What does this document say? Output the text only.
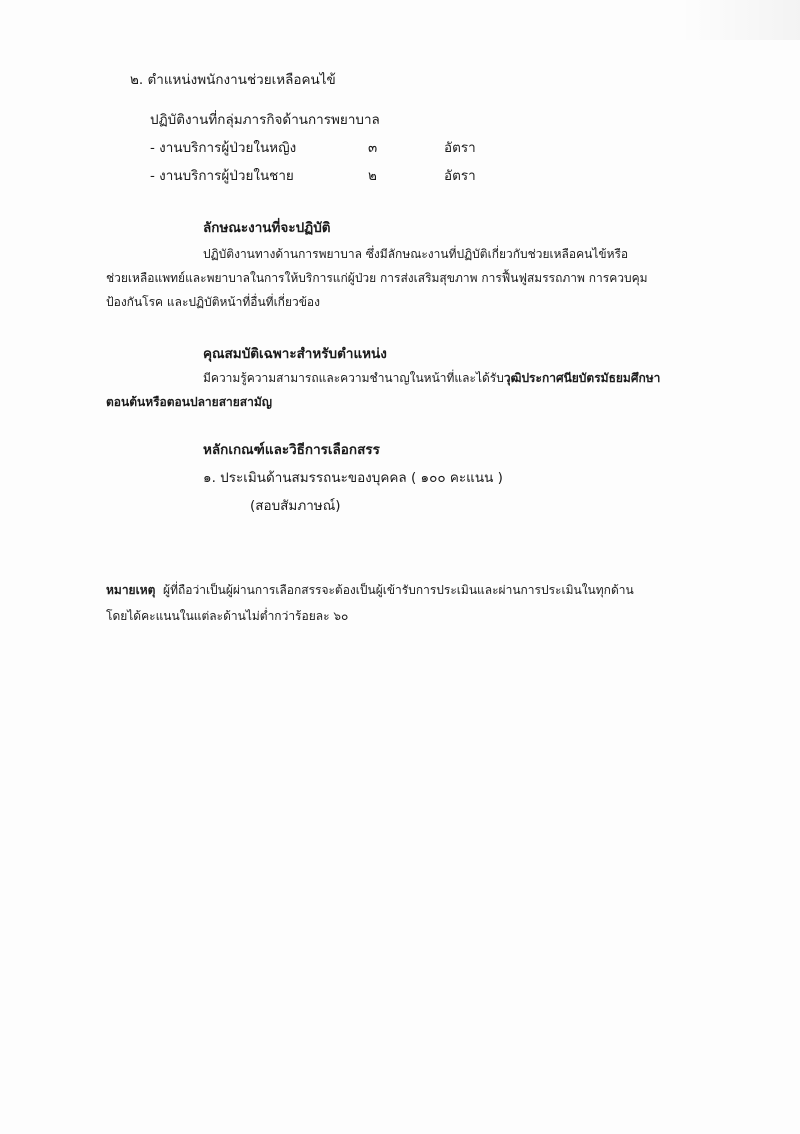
๒. ตำแหน่งพนักงานช่วยเหลือคนไข้
ปฏิบัติงานที่กลุ่มภารกิจด้านการพยาบาล
- งานบริการผู้ป่วยในหญิง	๓	อัตรา
- งานบริการผู้ป่วยในชาย	๒	อัตรา
ลักษณะงานที่จะปฏิบัติ
ปฏิบัติงานทางด้านการพยาบาล ซึ่งมีลักษณะงานที่ปฏิบัติเกี่ยวกับช่วยเหลือคนไข้หรือ
ช่วยเหลือแพทย์และพยาบาลในการให้บริการแก่ผู้ป่วย การส่งเสริมสุขภาพ การฟื้นฟูสมรรถภาพ การควบคุม
ป้องกันโรค และปฏิบัติหน้าที่อื่นที่เกี่ยวข้อง
คุณสมบัติเฉพาะสำหรับตำแหน่ง
มีความรู้ความสามารถและความชำนาญในหน้าที่และได้รับวุฒิประกาศนียบัตรมัธยมศึกษา
ตอนต้นหรือตอนปลายสายสามัญ
หลักเกณฑ์และวิธีการเลือกสรร
๑. ประเมินด้านสมรรถนะของบุคคล ( ๑๐๐ คะแนน )
(สอบสัมภาษณ์)
หมายเหตุ ผู้ที่ถือว่าเป็นผู้ผ่านการเลือกสรรจะต้องเป็นผู้เข้ารับการประเมินและผ่านการประเมินในทุกด้าน
โดยได้คะแนนในแต่ละด้านไม่ต่ำกว่าร้อยละ ๖๐
